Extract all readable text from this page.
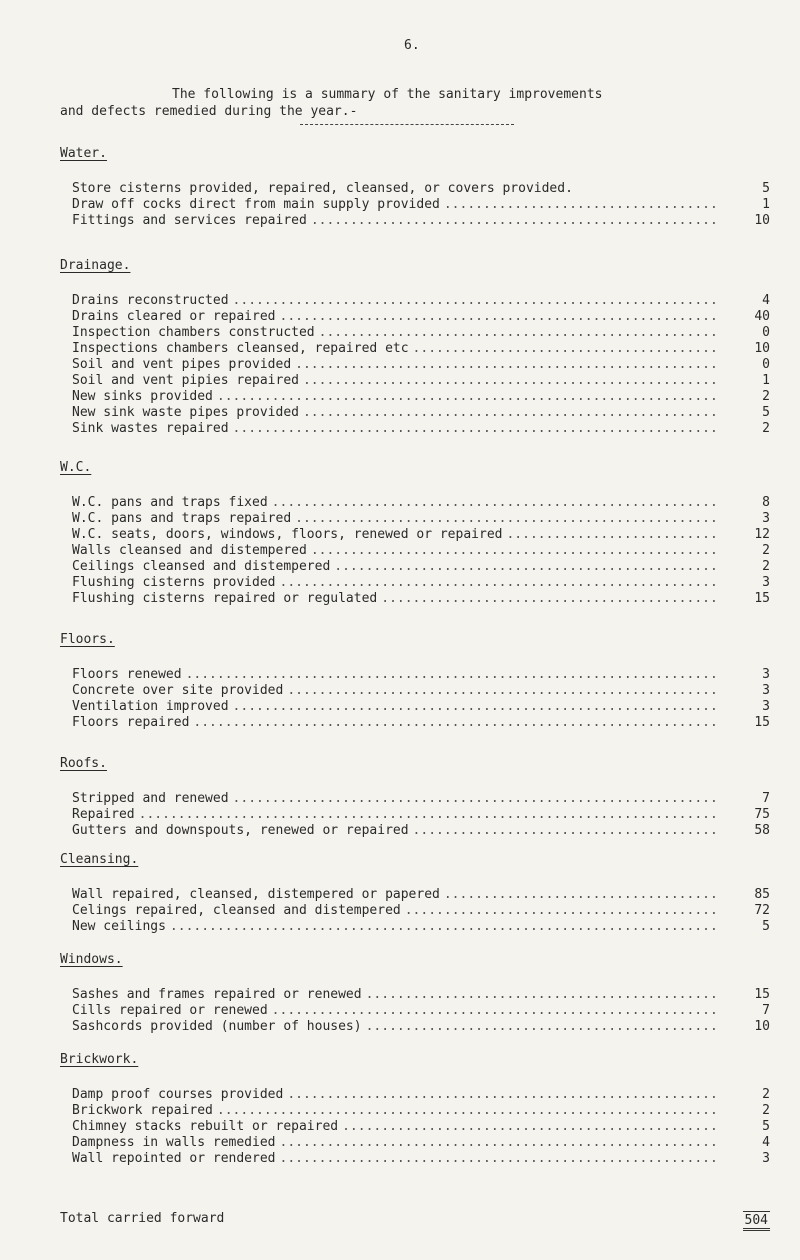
6.
The following is a summary of the sanitary improvements
and defects remedied during the year.-
Water.
Store cisterns provided, repaired, cleansed, or covers provided.	5
Draw off cocks direct from main supply provided .....	1
Fittings and services repaired .....	10
Drainage.
Drains reconstructed .....	4
Drains cleared or repaired .....	40
Inspection chambers constructed .....	0
Inspections chambers cleansed, repaired etc .....	10
Soil and vent pipes provided .....	0
Soil and vent pipies repaired .....	1
New sinks provided .....	2
New sink waste pipes provided .....	5
Sink wastes repaired .....	2
W.C.
W.C. pans and traps fixed .....	8
W.C. pans and traps repaired .....	3
W.C. seats, doors, windows, floors, renewed or repaired .....	12
Walls cleansed and distempered .....	2
Ceilings cleansed and distempered .....	2
Flushing cisterns provided .....	3
Flushing cisterns repaired or regulated .....	15
Floors.
Floors renewed .....	3
Concrete over site provided .....	3
Ventilation improved .....	3
Floors repaired .....	15
Roofs.
Stripped and renewed .....	7
Repaired .....	75
Gutters and downspouts, renewed or repaired .....	58
Cleansing.
Wall repaired, cleansed, distempered or papered .....	85
Celings repaired, cleansed and distempered .....	72
New ceilings .....	5
Windows.
Sashes and frames repaired or renewed .....	15
Cills repaired or renewed .....	7
Sashcords provided (number of houses) .....	10
Brickwork.
Damp proof courses provided .....	2
Brickwork repaired .....	2
Chimney stacks rebuilt or repaired .....	5
Dampness in walls remedied .....	4
Wall repointed or rendered .....	3
Total carried forward	504
